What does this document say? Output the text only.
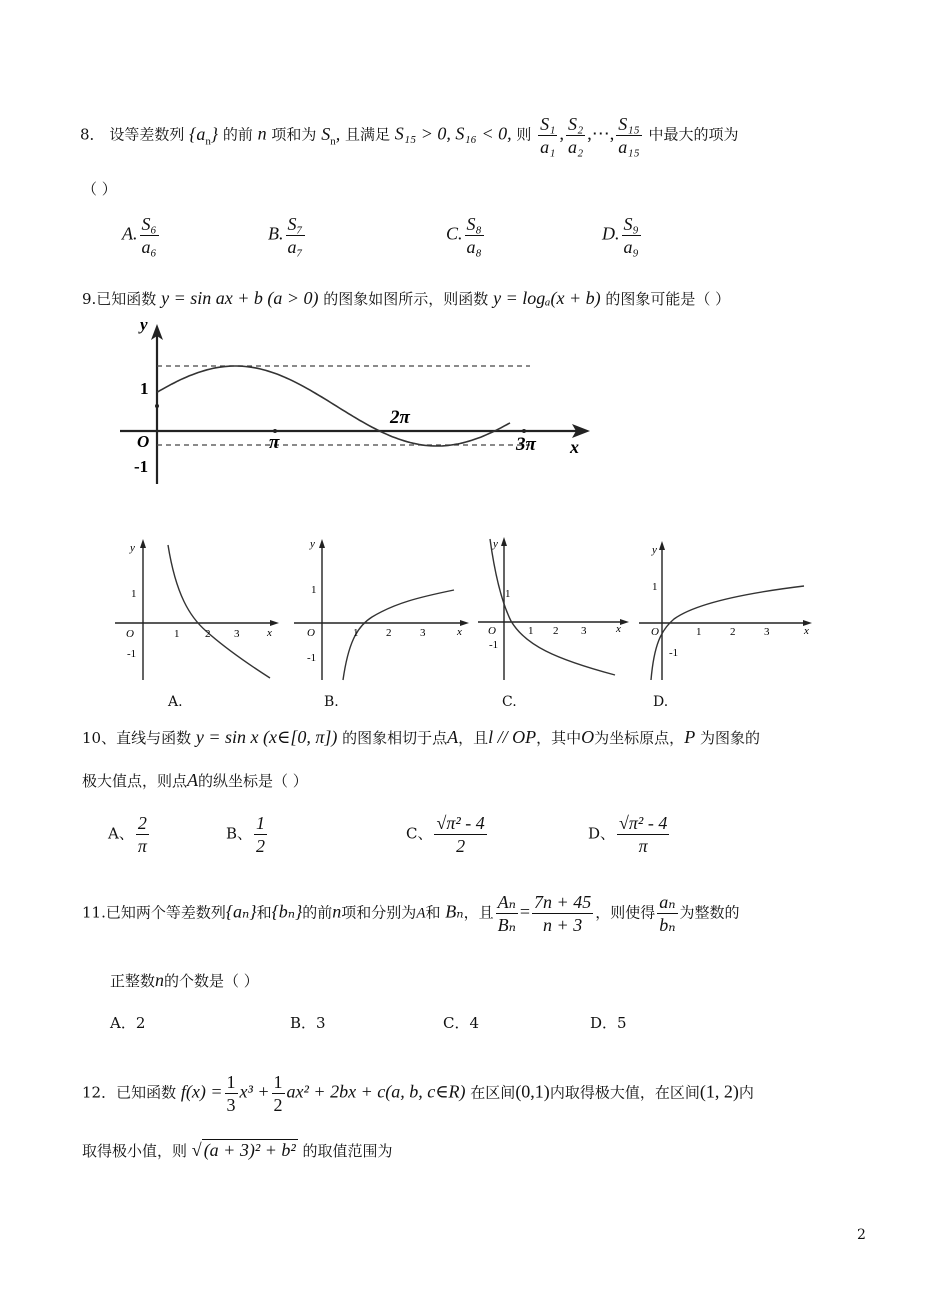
8． 设等差数列 $\{a_n\}$ 的前 n 项和为 $S_n$, 且满足 S₁₅ > 0, S₁₆ < 0, 则 $\frac{\text{S₁}}{\text{a₁}}$ , $\frac{\text{S₂}}{\text{a₂}}$ ,⋯, $\frac{\text{S₁₅}}{\text{a₁₅}}$ 中最大的项为
（ ）
A. $\frac{\text{S₆}}{\text{a₆}}$	B. $\frac{\text{S₇}}{\text{a₇}}$	C. $\frac{\text{S₈}}{\text{a₈}}$	D. $\frac{\text{S₉}}{\text{a₉}}$
9.已知函数 y = sin ax + b (a > 0) 的图象如图所示，则函数 y = logₐ(x + b) 的图象可能是（ ）
y
x
O
1
-1
π
2π
3π
y
x
O	1 2 3
1
-1
A.
y
x
O	1	2	3
1
-1
B.
y
x
O	1 2 3
1
-1
C.
y
x
O	1	2	3
1
-1
D.
10、直线与函数 y = sin x (x∈[0, π]) 的图象相切于点A，且l // OP，其中O为坐标原点，P 为图象的
极大值点，则点A的纵坐标是（ ）
A、 $\frac{2}{\pi}$	B、 $\frac{1}{2}$	C、 $\frac{\text{√π² - 4}}{2}$	D、 $\frac{\text{√π² - 4}}{\pi}$
11.已知两个等差数列{aₙ}和{bₙ}的前n项和分别为A和 Bₙ，且 $\frac{\text{Aₙ}}{\text{Bₙ}} = \frac{7n + 45}{n + 3}$ ，则使得 $\frac{\text{aₙ}}{\text{bₙ}}$ 为整数的
正整数n的个数是（ ）
A．2	B．3	C．4	D．5
12．已知函数 $f(x) = \frac{1}{3} x^3 + \frac{1}{2} ax^2 + 2bx + c(a$, b, c∈R) 在区间(0,1)内取得极大值，在区间(1, 2)内
取得极小值，则 √ (a + 3)² + b² 的取值范围为
2
